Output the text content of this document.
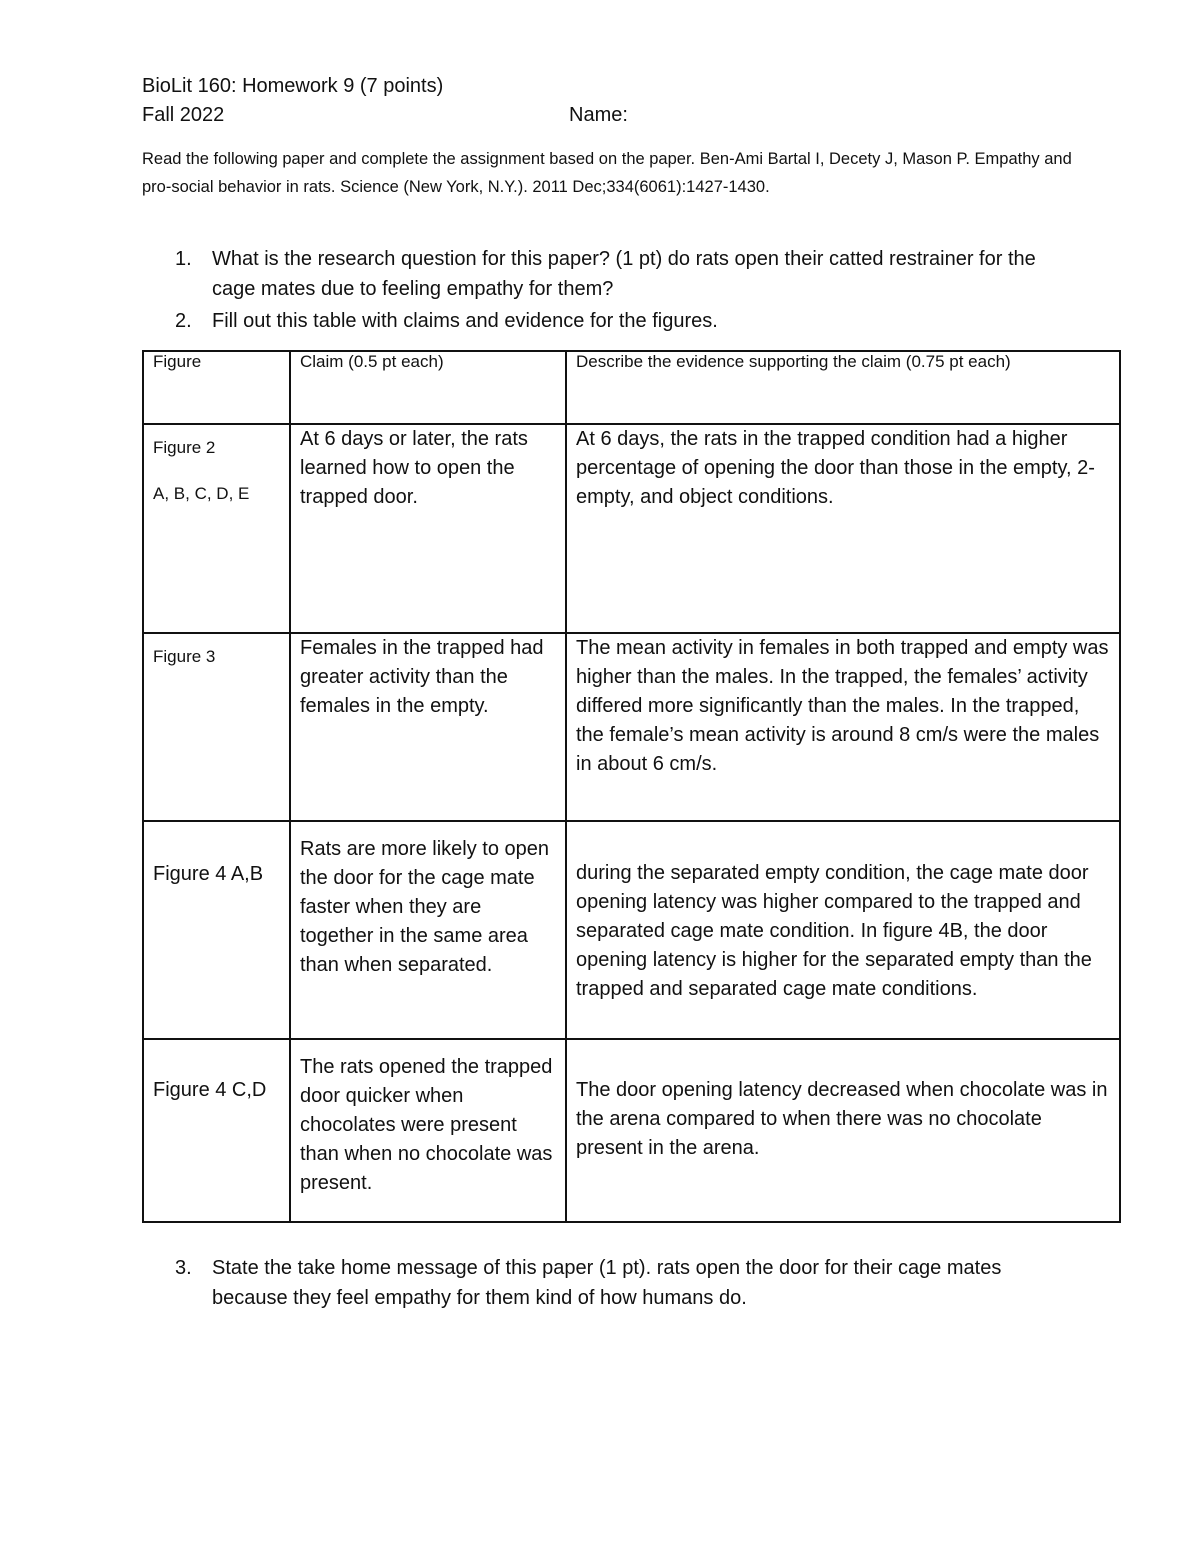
BioLit 160: Homework 9 (7 points)
Fall 2022	Name:
Read the following paper and complete the assignment based on the paper. Ben-Ami Bartal I, Decety J, Mason P. Empathy and pro-social behavior in rats. Science (New York, N.Y.). 2011 Dec;334(6061):1427-1430.
1. What is the research question for this paper? (1 pt) do rats open their catted restrainer for the cage mates due to feeling empathy for them?
2. Fill out this table with claims and evidence for the figures.
Figure	Claim (0.5 pt each)	Describe the evidence supporting the claim (0.75 pt each)

Figure 2
A, B, C, D, E	At 6 days or later, the rats learned how to open the trapped door.	At 6 days, the rats in the trapped condition had a higher percentage of opening the door than those in the empty, 2- empty, and object conditions.

Figure 3	Females in the trapped had greater activity than the females in the empty.	The mean activity in females in both trapped and empty was higher than the males. In the trapped, the females’ activity differed more significantly than the males. In the trapped, the female’s mean activity is around 8 cm/s were the males in about 6 cm/s.

Figure 4 A,B	Rats are more likely to open the door for the cage mate faster when they are together in the same area than when separated.	during the separated empty condition, the cage mate door opening latency was higher compared to the trapped and separated cage mate condition. In figure 4B, the door opening latency is higher for the separated empty than the trapped and separated cage mate conditions.

Figure 4 C,D	The rats opened the trapped door quicker when chocolates were present than when no chocolate was present.	The door opening latency decreased when chocolate was in the arena compared to when there was no chocolate present in the arena.
3. State the take home message of this paper (1 pt). rats open the door for their cage mates because they feel empathy for them kind of how humans do.
